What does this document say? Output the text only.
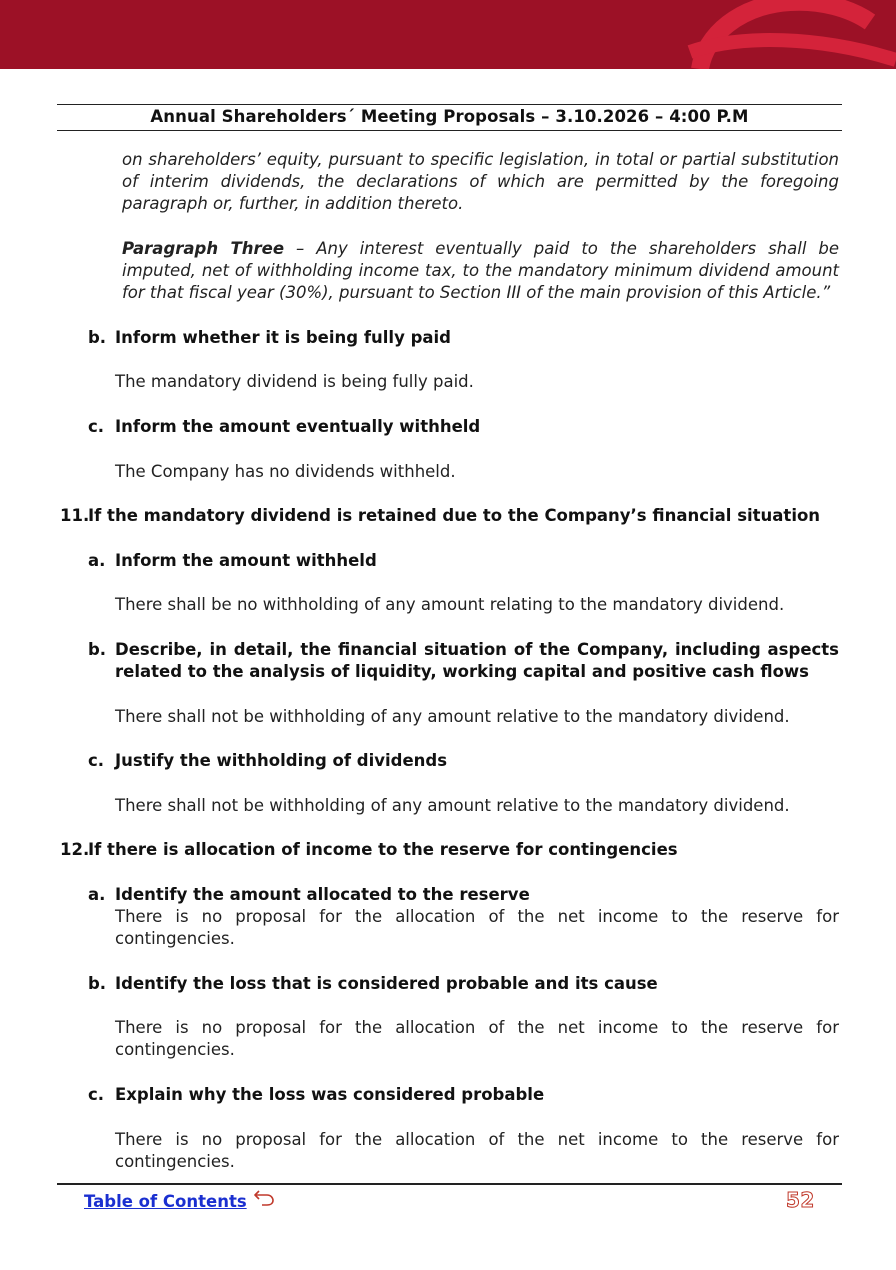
Annual Shareholders´ Meeting Proposals – 3.10.2026 – 4:00 P.M
on shareholders’ equity, pursuant to specific legislation, in total or partial substitution of interim dividends, the declarations of which are permitted by the foregoing paragraph or, further, in addition thereto.
Paragraph Three – Any interest eventually paid to the shareholders shall be imputed, net of withholding income tax, to the mandatory minimum dividend amount for that fiscal year (30%), pursuant to Section III of the main provision of this Article.”
b. Inform whether it is being fully paid
The mandatory dividend is being fully paid.
c. Inform the amount eventually withheld
The Company has no dividends withheld.
11.If the mandatory dividend is retained due to the Company’s financial situation
a. Inform the amount withheld
There shall be no withholding of any amount relating to the mandatory dividend.
b. Describe, in detail, the financial situation of the Company, including aspects related to the analysis of liquidity, working capital and positive cash flows
There shall not be withholding of any amount relative to the mandatory dividend.
c. Justify the withholding of dividends
There shall not be withholding of any amount relative to the mandatory dividend.
12.If there is allocation of income to the reserve for contingencies
a. Identify the amount allocated to the reserve
There is no proposal for the allocation of the net income to the reserve for contingencies.
b. Identify the loss that is considered probable and its cause
There is no proposal for the allocation of the net income to the reserve for contingencies.
c. Explain why the loss was considered probable
There is no proposal for the allocation of the net income to the reserve for contingencies.
Table of Contents	52
